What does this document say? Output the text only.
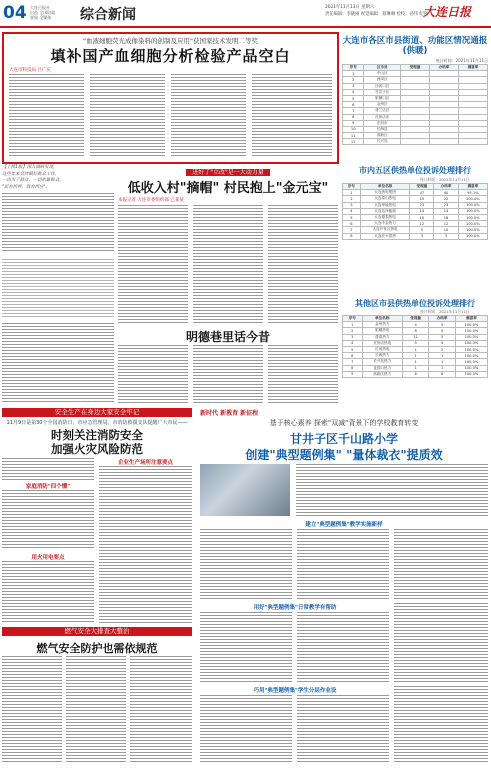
04 大连日报社
出品 全国时政
要闻 全媒体	综合新闻	2021年11月13日 星期六
责任编辑：李晓丽 视觉编辑：蔡琳琳 检校：孙伟 纪强
大连日报
"血液细胞荧光成像染料的创制及应用"获国家技术发明二等奖
填补国产血细胞分析检验产品空白
大连市科技局 吕广庆
大连市各区市县街道、功能区情况通报(供暖)
统计时间：2021年11月11日
序号	区市县	受理量	办结率	满意率
1	中山区			
2	西岗区			
3	沙河口区			
4	甘井子区			
5	旅顺口区			
6	金州区			
7	普兰店区			
8	瓦房店市			
9	庄河市			
10	长海县			
11	高新区			
12	长兴岛			
【上接1版】深入调研发现，
这些年来坚持做好群众工作，
一切为了群众，一切依靠群众。
"民有所呼，我有所应"。
进好了"立改"是一大动力量
低收入村"摘帽" 村民抱上"金元宝"
本报记者 大连市委组织部 乙某某
明德巷里话今昔
市内五区供热单位投诉处理排行
统计时间：2021年11月11日
序号	单位名称	受理量	办结率	满意率
1	大连热电集团	47	40	95.1%
2	大连泰山热电	15	22	100.0%
3	大连华能热电	23	23	100.0%
4	大连洁净能源	14	14	100.0%
5	大连德泰热电	10	18	100.0%
6	大连中金热力	12	12	100.0%
7	大连开发区热电	5	10	100.0%
8	大连长兴供热	3	3	100.0%
其他区市县供热单位投诉处理排行
统计时间：2021年11月11日
序号	单位名称	受理量	办结率	满意率
1	金州热力	4	5	100.0%
2	旅顺热电	8	5	100.0%
3	普湾热力	11	5	100.0%
4	瓦房店热电	5	4	100.0%
5	庄河热电	1	2	100.0%
6	长海热力	1	1	100.0%
7	长兴岛热力	1	1	100.0%
8	花园口热力	1	1	100.0%
9	高新区热力	6	6	100.0%
安全生产在身边大家安全牢记
11月9日是第30个全国消防日，市应急管理局、市消防救援支队提醒广大市民——
时刻关注消防安全
加强火灾风险防范
家庭消防"四个懂"
用火用电要点
企业生产场所注意要点
燃气安全大排查大整治
燃气安全防护也需依规范
新时代 新教育 新征程
基于核心素养 探索"双减"背景下的学校教育转变
甘井子区千山路小学
创建"典型题例集" "量体裁衣"提质效
建立"典型题例集"教学实施新样
用好"典型题例集"日常教学有帮助
巧用"典型题例集"学生分层作业设
